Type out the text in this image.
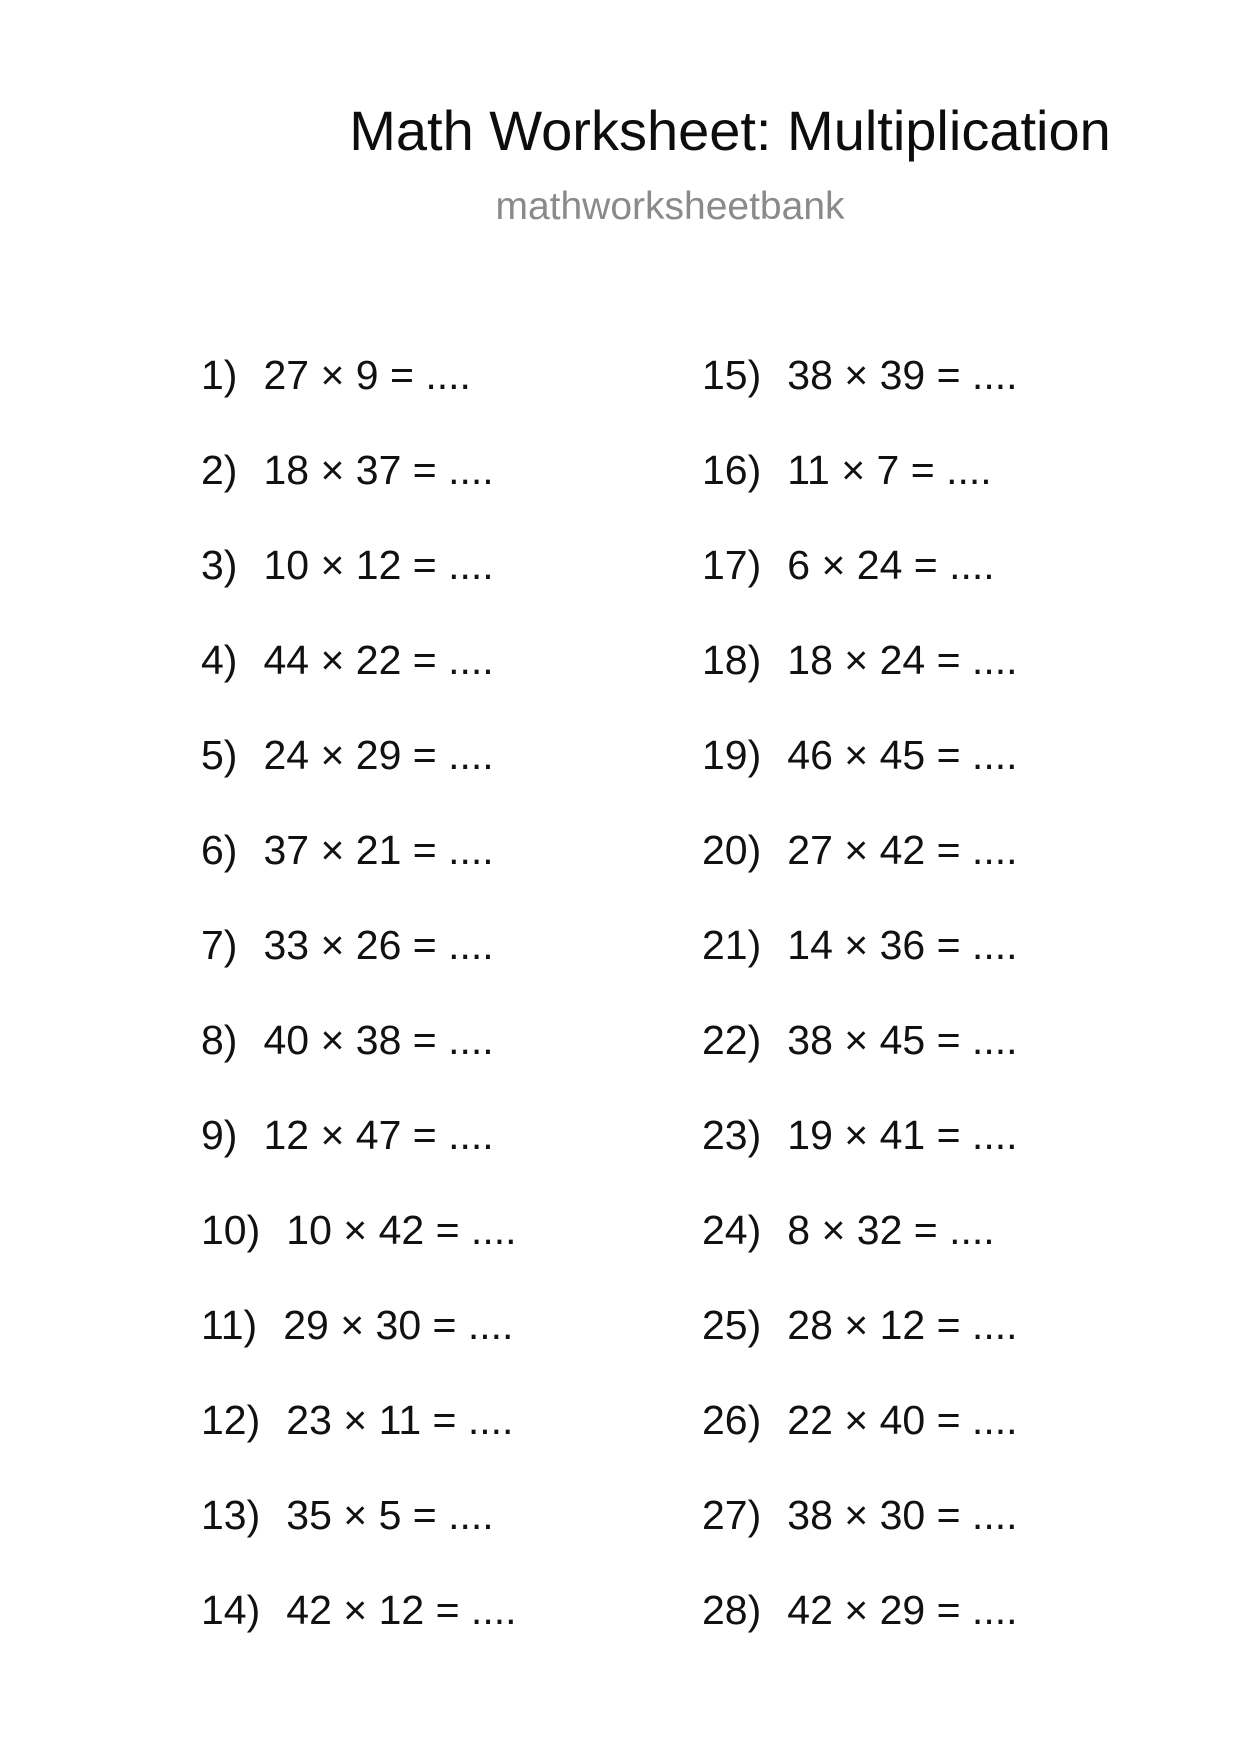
Math Worksheet: Multiplication

mathworksheetbank

1) 27 × 9 = ....
2) 18 × 37 = ....
3) 10 × 12 = ....
4) 44 × 22 = ....
5) 24 × 29 = ....
6) 37 × 21 = ....
7) 33 × 26 = ....
8) 40 × 38 = ....
9) 12 × 47 = ....
10) 10 × 42 = ....
11) 29 × 30 = ....
12) 23 × 11 = ....
13) 35 × 5 = ....
14) 42 × 12 = ....
15) 38 × 39 = ....
16) 11 × 7 = ....
17) 6 × 24 = ....
18) 18 × 24 = ....
19) 46 × 45 = ....
20) 27 × 42 = ....
21) 14 × 36 = ....
22) 38 × 45 = ....
23) 19 × 41 = ....
24) 8 × 32 = ....
25) 28 × 12 = ....
26) 22 × 40 = ....
27) 38 × 30 = ....
28) 42 × 29 = ....
